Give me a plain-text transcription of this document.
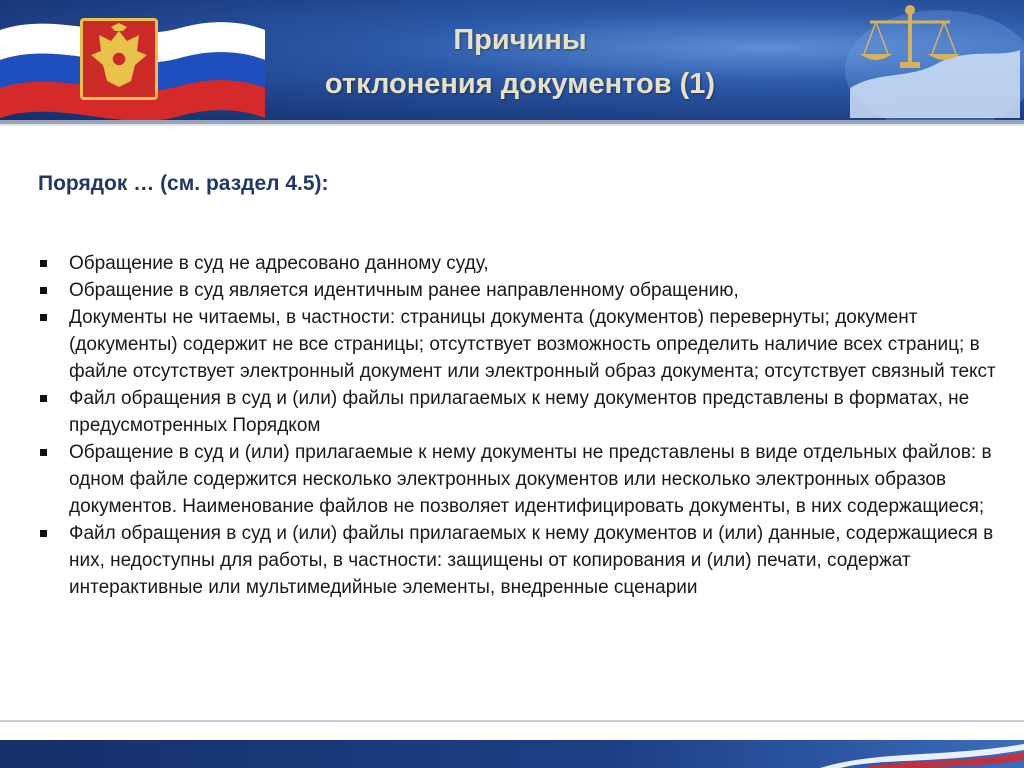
Причины
отклонения документов (1)
Порядок … (см. раздел 4.5):
Обращение в суд не адресовано данному суду,
Обращение в суд является идентичным ранее направленному обращению,
Документы не читаемы, в частности: страницы документа (документов) перевернуты; документ (документы) содержит не все страницы; отсутствует возможность определить наличие всех страниц; в файле отсутствует электронный документ или электронный образ документа; отсутствует связный текст
Файл обращения в суд и (или) файлы прилагаемых к нему документов представлены в форматах, не предусмотренных Порядком
Обращение в суд и (или) прилагаемые к нему документы не представлены в виде отдельных файлов: в одном файле содержится несколько электронных документов или несколько электронных образов документов. Наименование файлов не позволяет идентифицировать документы, в них содержащиеся;
Файл обращения в суд и (или) файлы прилагаемых к нему документов и (или) данные, содержащиеся в них, недоступны для работы, в частности: защищены от копирования и (или) печати, содержат интерактивные или мультимедийные элементы, внедренные сценарии
